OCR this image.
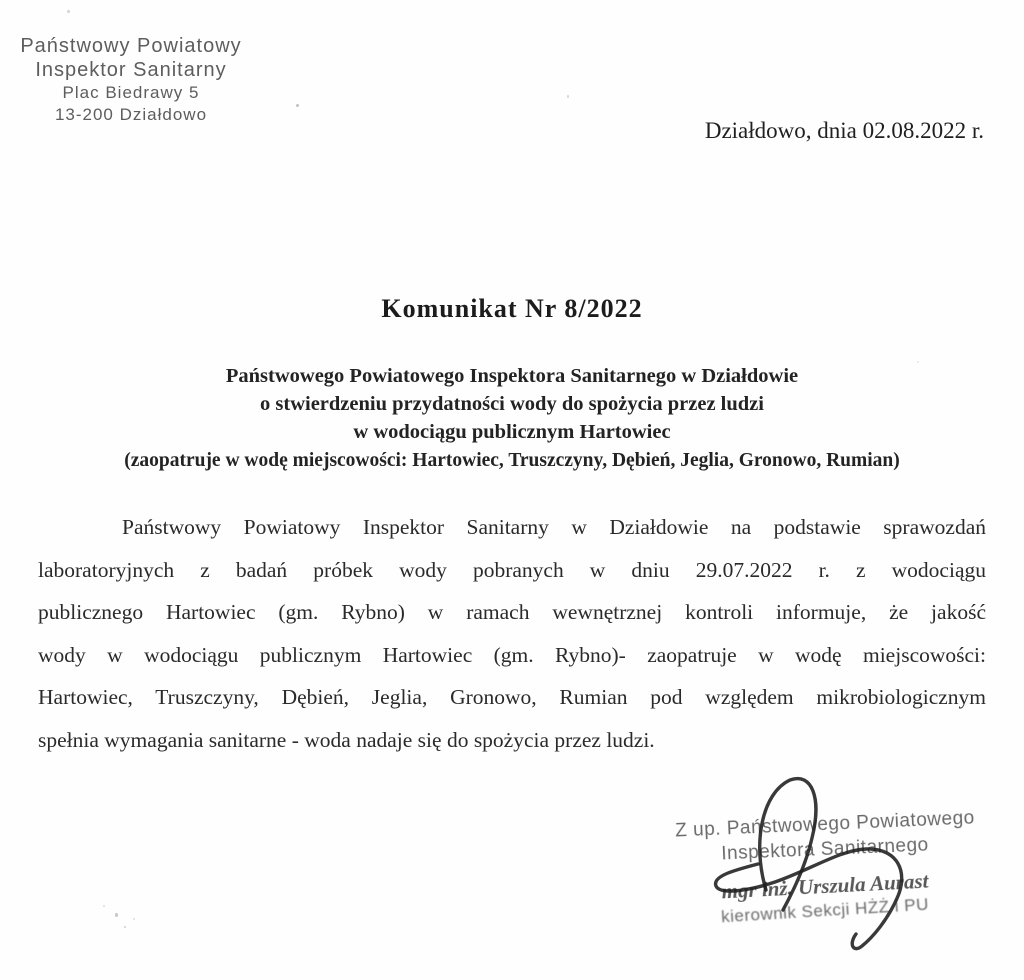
Państwowy Powiatowy
Inspektor Sanitarny
Plac Biedrawy 5
13-200 Działdowo
Działdowo, dnia 02.08.2022 r.
Komunikat Nr 8/2022
Państwowego Powiatowego Inspektora Sanitarnego w Działdowie
o stwierdzeniu przydatności wody do spożycia przez ludzi
w wodociągu publicznym Hartowiec
(zaopatruje w wodę miejscowości: Hartowiec, Truszczyny, Dębień, Jeglia, Gronowo, Rumian)
Państwowy Powiatowy Inspektor Sanitarny w Działdowie na podstawie sprawozdań
laboratoryjnych z badań próbek wody pobranych w dniu 29.07.2022 r. z wodociągu
publicznego Hartowiec (gm. Rybno) w ramach wewnętrznej kontroli informuje, że jakość
wody w wodociągu publicznym Hartowiec (gm. Rybno)- zaopatruje w wodę miejscowości:
Hartowiec, Truszczyny, Dębień, Jeglia, Gronowo, Rumian pod względem mikrobiologicznym
spełnia wymagania sanitarne - woda nadaje się do spożycia przez ludzi.
Z up. Państwowego Powiatowego
Inspektora Sanitarnego
mgr inż. Urszula Aurast
kierownik Sekcji HŻŻ i PU
